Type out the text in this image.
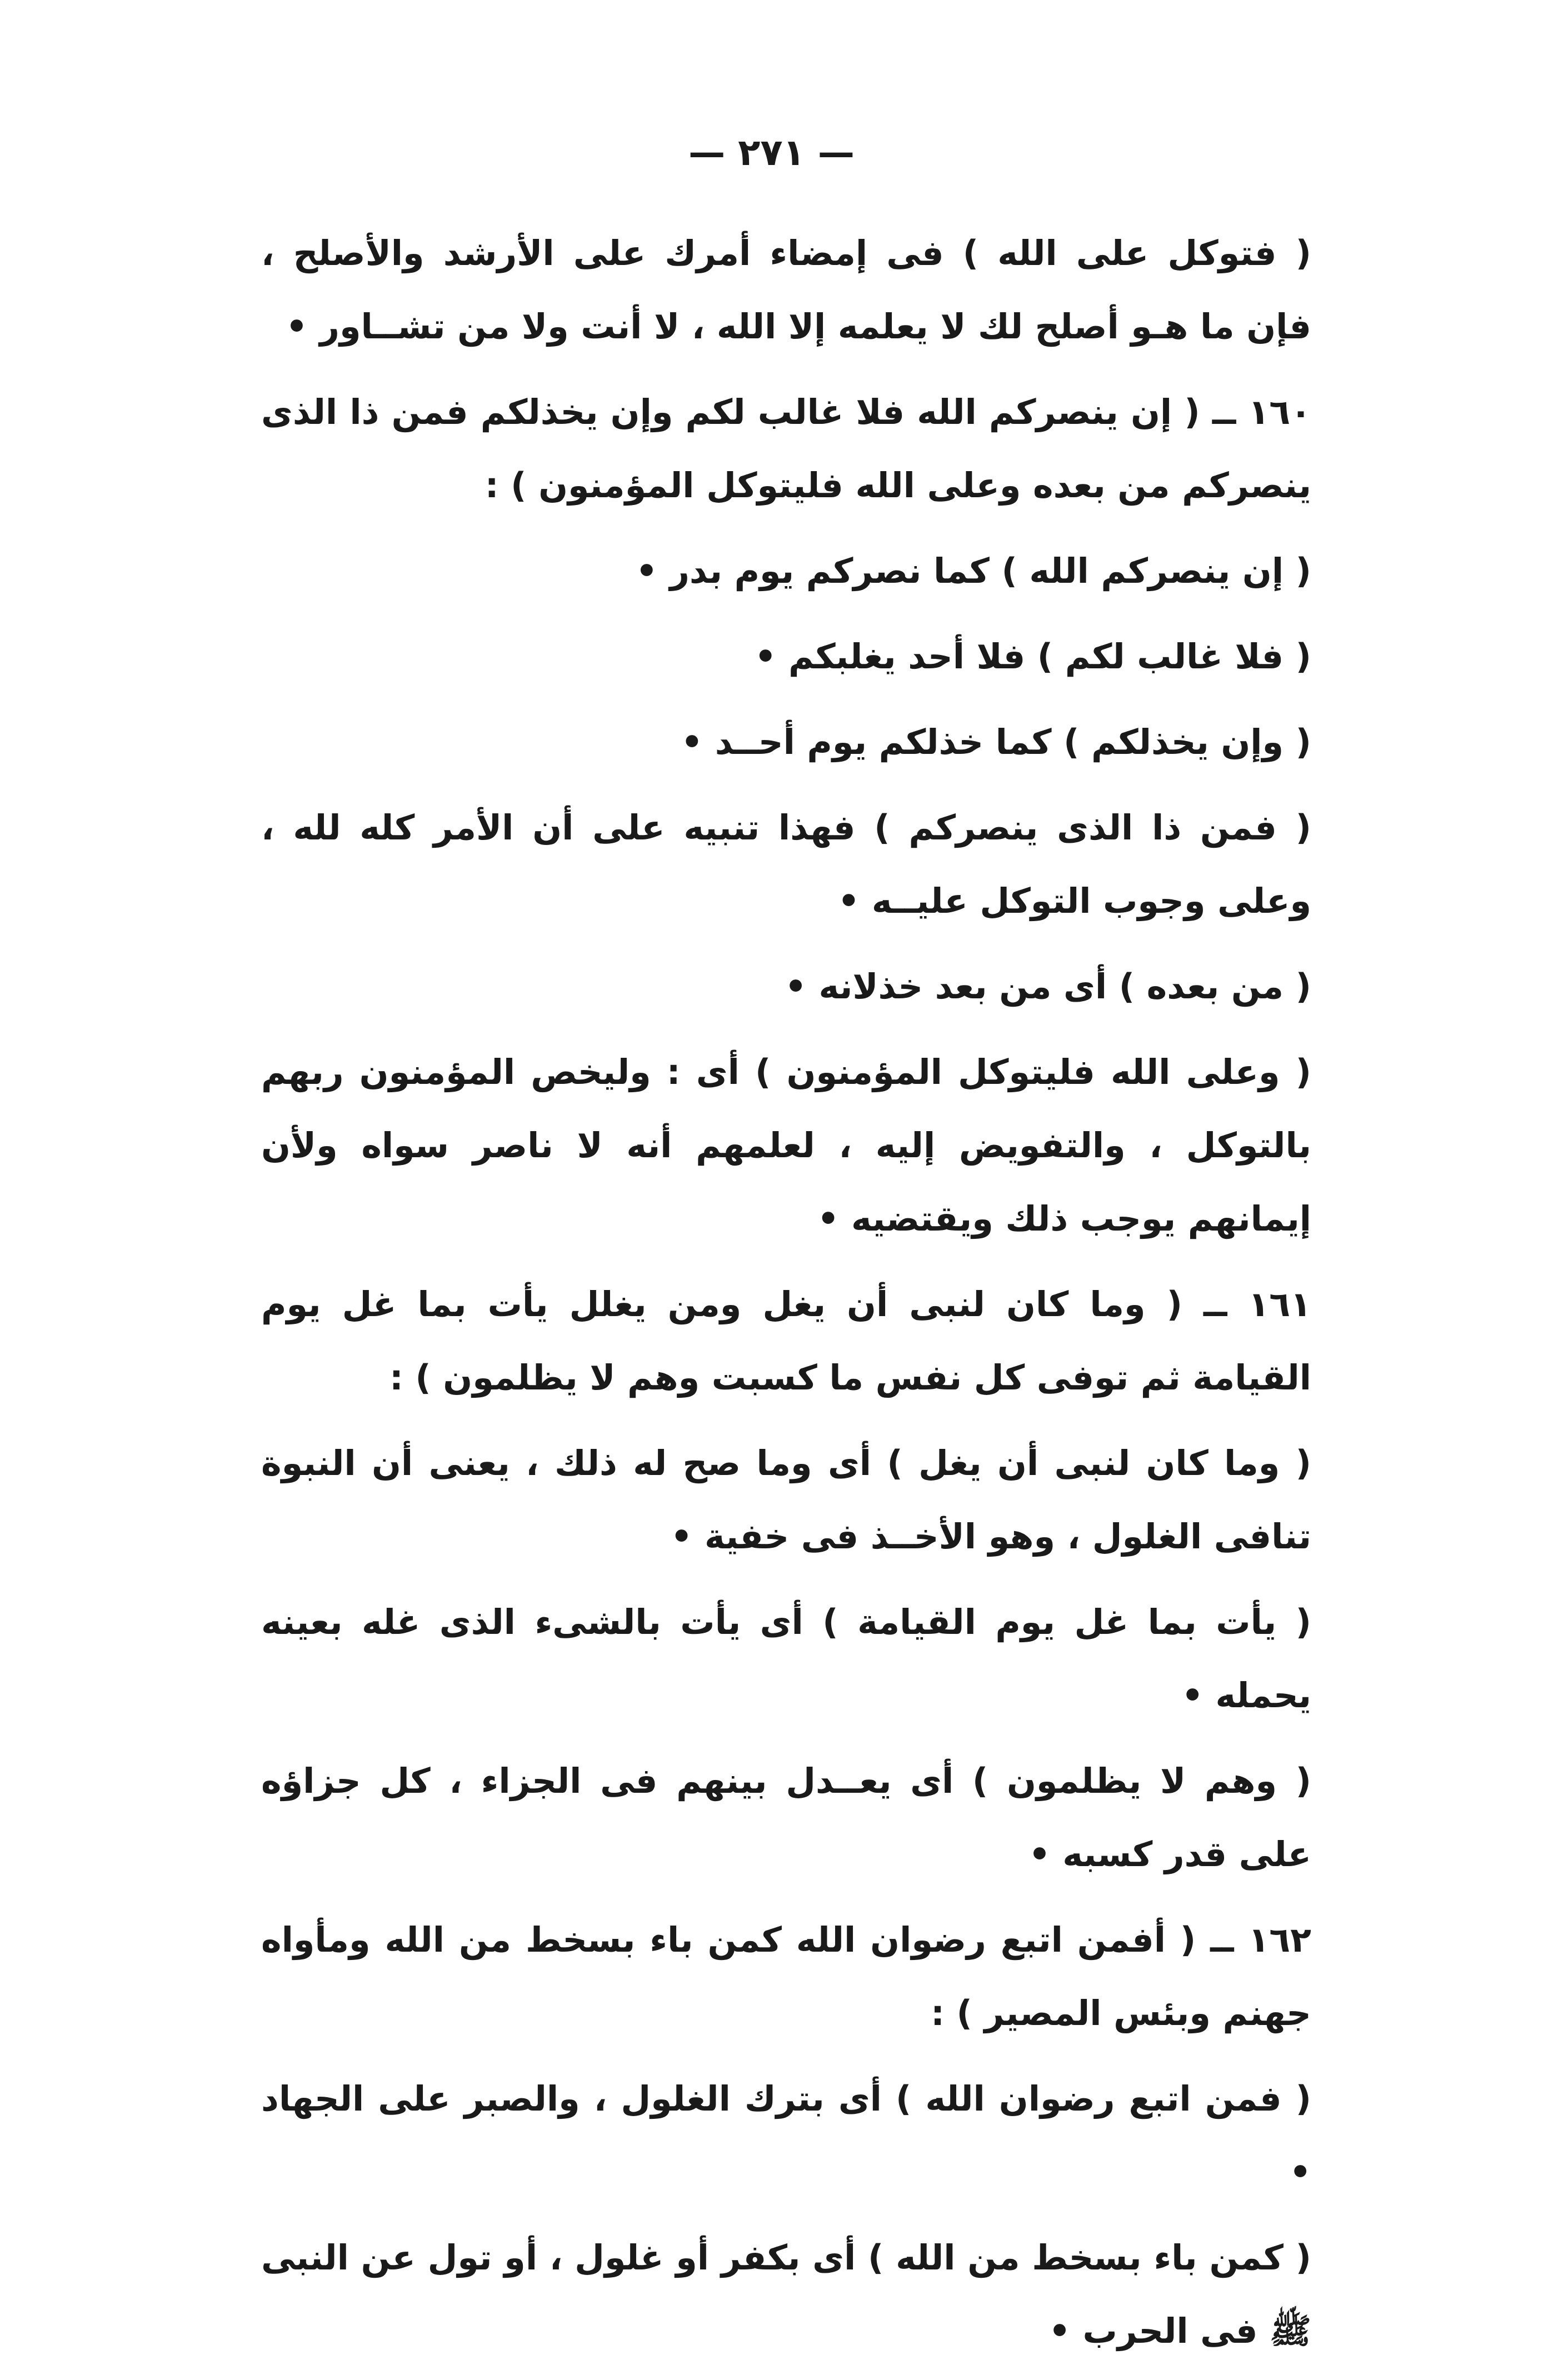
— ٢٧١ —

( فتوكل على الله ) فى إمضاء أمرك على الأرشد والأصلح ، فإن ما هـو أصلح لك لا يعلمه إلا الله ، لا أنت ولا من تشــاور •

١٦٠ ــ ( إن ينصركم الله فلا غالب لكم وإن يخذلكم فمن ذا الذى ينصركم من بعده وعلى الله فليتوكل المؤمنون ) :

( إن ينصركم الله ) كما نصركم يوم بدر •

( فلا غالب لكم ) فلا أحد يغلبكم •

( وإن يخذلكم ) كما خذلكم يوم أحــد •

( فمن ذا الذى ينصركم ) فهذا تنبيه على أن الأمر كله لله ، وعلى وجوب التوكل عليــه •

( من بعده ) أى من بعد خذلانه •

( وعلى الله فليتوكل المؤمنون ) أى : وليخص المؤمنون ربهم بالتوكل ، والتفويض إليه ، لعلمهم أنه لا ناصر سواه ولأن إيمانهم يوجب ذلك ويقتضيه •

١٦١ ــ ( وما كان لنبى أن يغل ومن يغلل يأت بما غل يوم القيامة ثم توفى كل نفس ما كسبت وهم لا يظلمون ) :

( وما كان لنبى أن يغل ) أى وما صح له ذلك ، يعنى أن النبوة تنافى الغلول ، وهو الأخــذ فى خفية •

( يأت بما غل يوم القيامة ) أى يأت بالشىء الذى غله بعينه يحمله •

( وهم لا يظلمون ) أى يعــدل بينهم فى الجزاء ، كل جزاؤه على قدر كسبه •

١٦٢ ــ ( أفمن اتبع رضوان الله كمن باء بسخط من الله ومأواه جهنم وبئس المصير ) :

( فمن اتبع رضوان الله ) أى بترك الغلول ، والصبر على الجهاد •

( كمن باء بسخط من الله ) أى بكفر أو غلول ، أو تول عن النبى ﷺ فى الحرب •
